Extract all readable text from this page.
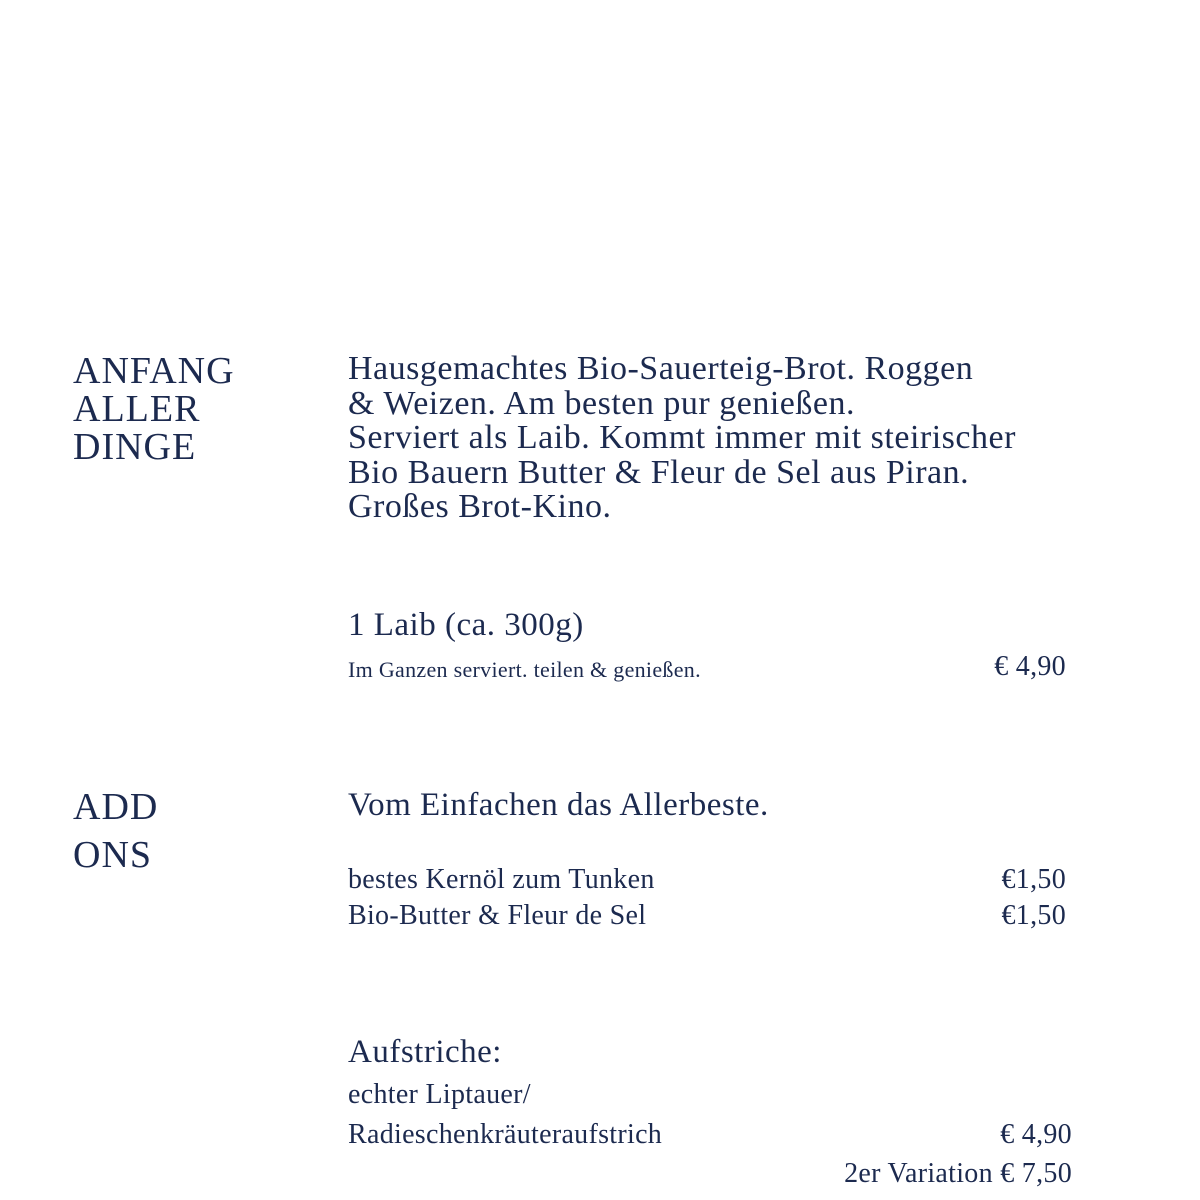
ANFANG
ALLER
DINGE
Hausgemachtes Bio-Sauerteig-Brot. Roggen
& Weizen. Am besten pur genießen.
Serviert als Laib. Kommt immer mit steirischer
Bio Bauern Butter & Fleur de Sel aus Piran.
Großes Brot-Kino.
1 Laib (ca. 300g)
Im Ganzen serviert. teilen & genießen.	€ 4,90
ADD
ONS
Vom Einfachen das Allerbeste.
bestes Kernöl zum Tunken	€1,50
Bio-Butter & Fleur de Sel	€1,50
Aufstriche:
echter Liptauer/
Radieschenkräuteraufstrich	€ 4,90
2er Variation € 7,50
